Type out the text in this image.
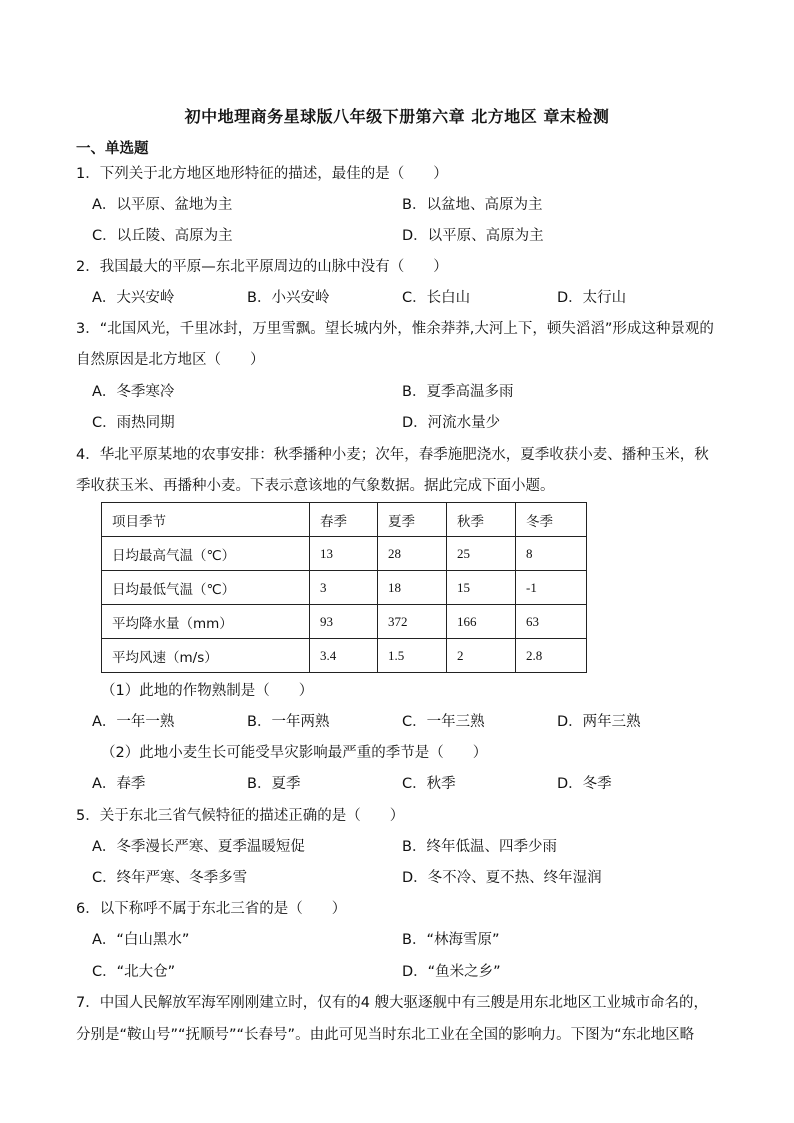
初中地理商务星球版八年级下册第六章 北方地区 章末检测
一、单选题
1．下列关于北方地区地形特征的描述，最佳的是（　　）
A．以平原、盆地为主	B．以盆地、高原为主
C．以丘陵、高原为主	D．以平原、高原为主
2．我国最大的平原—东北平原周边的山脉中没有（　　）
A．大兴安岭	B．小兴安岭	C．长白山	D．太行山
3．“北国风光，千里冰封，万里雪飘。望长城内外，惟余莽莽,大河上下，顿失滔滔”形成这种景观的
自然原因是北方地区（　　）
A．冬季寒冷	B．夏季高温多雨
C．雨热同期	D．河流水量少
4．华北平原某地的农事安排：秋季播种小麦；次年，春季施肥浇水，夏季收获小麦、播种玉米，秋
季收获玉米、再播种小麦。下表示意该地的气象数据。据此完成下面小题。
项目季节	春季	夏季	秋季	冬季
日均最高气温（℃）	13	28	25	8
日均最低气温（℃）	3	18	15	-1
平均降水量（mm）	93	372	166	63
平均风速（m/s）	3.4	1.5	2	2.8
（1）此地的作物熟制是（　　）
A．一年一熟	B．一年两熟	C．一年三熟	D．两年三熟
（2）此地小麦生长可能受旱灾影响最严重的季节是（　　）
A．春季	B．夏季	C．秋季	D．冬季
5．关于东北三省气候特征的描述正确的是（　　）
A．冬季漫长严寒、夏季温暖短促	B．终年低温、四季少雨
C．终年严寒、冬季多雪	D．冬不冷、夏不热、终年湿润
6．以下称呼不属于东北三省的是（　　）
A．“白山黑水”	B．“林海雪原”
C．“北大仓”	D．“鱼米之乡”
7．中国人民解放军海军刚刚建立时，仅有的4 艘大驱逐舰中有三艘是用东北地区工业城市命名的，
分别是“鞍山号”“抚顺号”“长春号”。由此可见当时东北工业在全国的影响力。下图为“东北地区略
